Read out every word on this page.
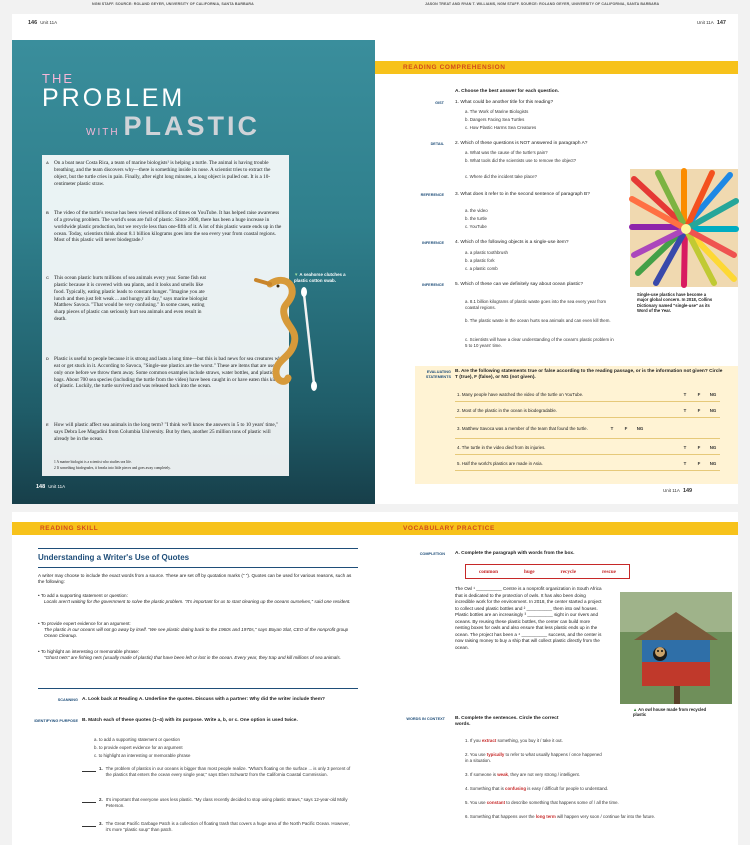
NGM STAFF. SOURCE: ROLAND GEYER, UNIVERSITY OF CALIFORNIA, SANTA BARBARA
146 Unit 11A
THE
PROBLEM
WITH PLASTIC
A On a boat near Costa Rica, a team of marine biologists¹ is helping a turtle. The animal is having trouble breathing, and the team discovers why—there is something inside its nose. A scientist tries to extract the object, but the turtle cries in pain. Finally, after eight long minutes, a long object is pulled out. It is a 10-centimeter plastic straw.
B The video of the turtle's rescue has been viewed millions of times on YouTube. It has helped raise awareness of a growing problem. The world's seas are full of plastic. Since 2000, there has been a huge increase in worldwide plastic production, but we recycle less than one-fifth of it. A lot of this plastic waste ends up in the ocean. Today, scientists think about 8.1 billion kilograms goes into the sea every year from coastal regions. Most of this plastic will never biodegrade.²
C This ocean plastic hurts millions of sea animals every year. Some fish eat plastic because it is covered with sea plants, and it looks and smells like food. Typically, eating plastic leads to constant hunger. "Imagine you ate lunch and then just felt weak ... and hungry all day," says marine biologist Matthew Savoca. "That would be very confusing." In some cases, eating sharp pieces of plastic can seriously hurt sea animals and even result in death.
D Plastic is useful to people because it is strong and lasts a long time—but this is bad news for sea creatures who eat or get stuck in it. According to Savoca, "Single-use plastics are the worst." These are items that are used only once before we throw them away. Some common examples include straws, water bottles, and plastic bags. About 700 sea species (including the turtle from the video) have been caught in or have eaten this kind of plastic. Luckily, the turtle survived and was released back into the ocean.
E How will plastic affect sea animals in the long term? "I think we'll know the answers in 5 to 10 years' time," says Debra Lee Magadini from Columbia University. But by then, another 25 million tons of plastic will already be in the ocean.
1 A marine biologist is a scientist who studies sea life.
2 If something biodegrades, it breaks into little pieces and goes away completely.
▼ A seahorse clutches a plastic cotton swab.
148 Unit 11A
JASON TREAT AND RYAN T. WILLIAMS, NGM STAFF. SOURCE: ROLAND GEYER, UNIVERSITY OF CALIFORNIA, SANTA BARBARA
Unit 11A 147
READING COMPREHENSION
A. Choose the best answer for each question.
GIST 1. What could be another title for this reading?
a. The Work of Marine Biologists
b. Dangers Facing Sea Turtles
c. How Plastic Harms Sea Creatures
DETAIL 2. Which of these questions is NOT answered in paragraph A?
a. What was the cause of the turtle's pain?
b. What tools did the scientists use to remove the object?
c. Where did the incident take place?
REFERENCE 3. What does it refer to in the second sentence of paragraph B?
a. the video
b. the turtle
c. YouTube
INFERENCE 4. Which of the following objects is a single-use item?
a. a plastic toothbrush
b. a plastic fork
c. a plastic comb
INFERENCE 5. Which of these can we definitely say about ocean plastic?
a. 8.1 billion kilograms of plastic waste goes into the sea every year from coastal regions.
b. The plastic waste in the ocean hurts sea animals and can even kill them.
c. Scientists will have a clear understanding of the ocean's plastic problem in 5 to 10 years' time.
Single-use plastics have become a major global concern. In 2018, Collins Dictionary named "single-use" as its Word of the Year.
EVALUATING STATEMENTS
B. Are the following statements true or false according to the reading passage, or is the information not given? Circle T (true), F (false), or NG (not given).
1. Many people have watched the video of the turtle on YouTube.	T	F	NG
2. Most of the plastic in the ocean is biodegradable.	T	F	NG
3. Matthew Savoca was a member of the team that found the turtle.	T	F	NG
4. The turtle in the video died from its injuries.	T	F	NG
5. Half the world's plastics are made in Asia.	T	F	NG
Unit 11A 149
READING SKILL
Understanding a Writer's Use of Quotes
A writer may choose to include the exact words from a source. These are set off by quotation marks (" "). Quotes can be used for various reasons, such as the following:
• To add a supporting statement or question:
Locals aren't waiting for the government to solve the plastic problem. "It's important for us to start cleaning up the oceans ourselves," said one resident.
• To provide expert evidence for an argument:
The plastic in our oceans will not go away by itself. "We see plastic dating back to the 1960s and 1970s," says Boyan Slat, CEO of the nonprofit group Ocean Cleanup.
• To highlight an interesting or memorable phrase:
"Ghost nets" are fishing nets (usually made of plastic) that have been left or lost in the ocean. Every year, they trap and kill millions of sea animals.
SCANNING A. Look back at Reading A. Underline the quotes. Discuss with a partner: Why did the writer include them?
IDENTIFYING PURPOSE B. Match each of these quotes (1–4) with its purpose. Write a, b, or c. One option is used twice.
a. to add a supporting statement or question
b. to provide expert evidence for an argument
c. to highlight an interesting or memorable phrase
1. The problem of plastics in our oceans is bigger than most people realize. "What's floating on the surface ... is only 3 percent of the plastics that enters the ocean every single year," says Eben Schwartz from the California Coastal Commission.
2. It's important that everyone uses less plastic. "My class recently decided to stop using plastic straws," says 12-year-old Molly Peterson.
3. The Great Pacific Garbage Patch is a collection of floating trash that covers a huge area of the North Pacific Ocean. However, it's more "plastic soup" than patch.
VOCABULARY PRACTICE
COMPLETION A. Complete the paragraph with words from the box.
common	huge	recycle	rescue
The Owl ¹ __________ Centre is a nonprofit organization in South Africa that is dedicated to the protection of owls. It has also been doing incredible work for the environment. In 2018, the center started a project to collect used plastic bottles and ² __________ them into owl houses. Plastic bottles are an increasingly ³ __________ sight in our rivers and oceans. By reusing these plastic bottles, the center can build more nesting boxes for owls and also ensure that less plastic ends up in the ocean. The project has been a ⁴ __________ success, and the center is now raising money to buy a ship that will collect plastic directly from the ocean.
▲ An owl house made from recycled plastic
WORDS IN CONTEXT B. Complete the sentences. Circle the correct words.
1. If you extract something, you buy it / take it out.
2. You use typically to refer to what usually happens / once happened in a situation.
3. If someone is weak, they are not very strong / intelligent.
4. Something that is confusing is easy / difficult for people to understand.
5. You use constant to describe something that happens some of / all the time.
6. Something that happens over the long term will happen very soon / continue far into the future.
